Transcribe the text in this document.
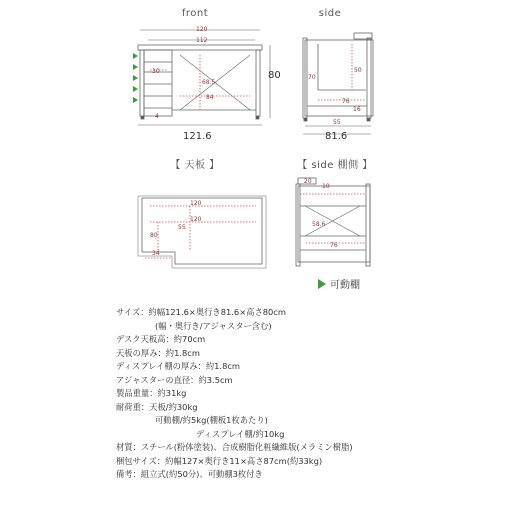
front	side
【 天板 】	【 side 棚側 】
120
112
30
68.5
84
4
80
121.6
70
50
76
16
55
81.6
120
120
55
80
34
20
10
58.6
76
可動棚
サイズ： 約幅121.6×奥行き81.6×高さ80cm
(幅・奥行き/アジャスター含む)
デスク天板高： 約70cm
天板の厚み： 約1.8cm
ディスプレイ棚の厚み： 約1.8cm
アジャスターの直径： 約3.5cm
製品重量： 約31kg
耐荷重： 天板/約30kg
可動棚/約5kg(棚板1枚あたり)
ディスプレイ棚/約10kg
材質： スチール(粉体塗装)、合成樹脂化粧繊維版(メラミン樹脂)
梱包サイズ： 約幅127×奥行き11×高さ87cm(約33kg)
備考： 組立式(約50分)、可動棚3枚付き
